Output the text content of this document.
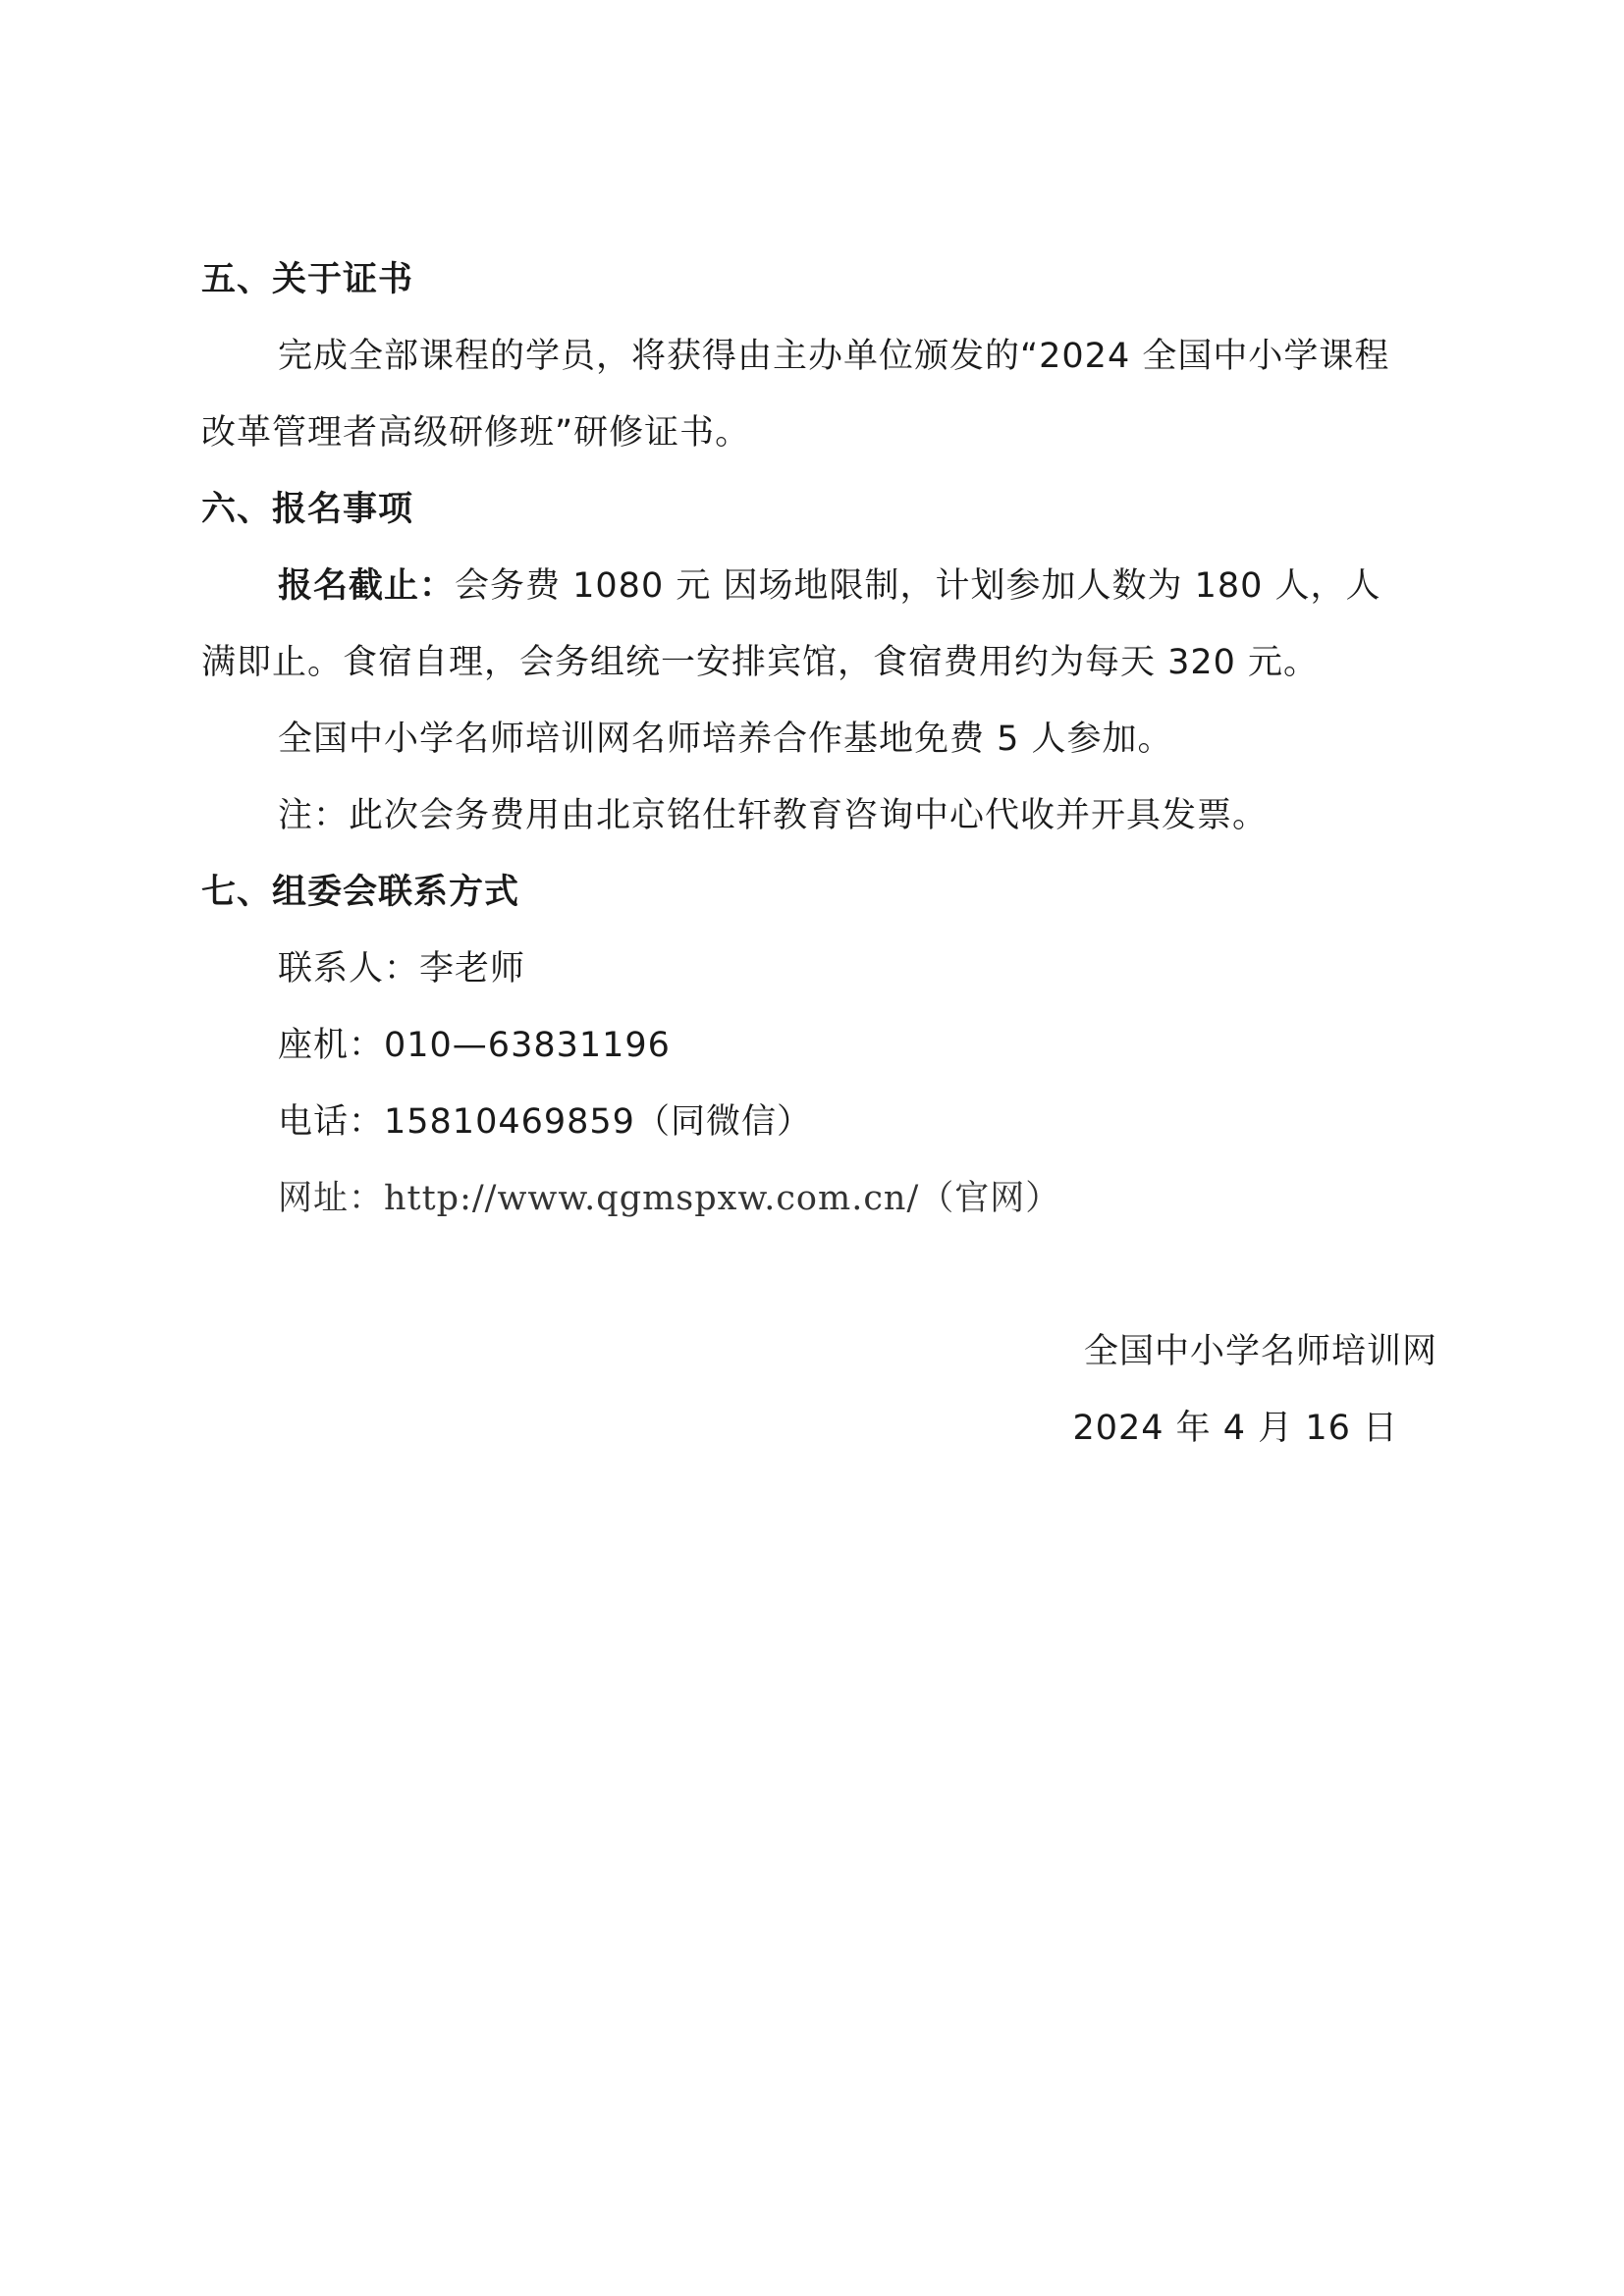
五、关于证书
完成全部课程的学员，将获得由主办单位颁发的“2024 全国中小学课程
改革管理者高级研修班”研修证书。
六、报名事项
报名截止：会务费 1080 元 因场地限制，计划参加人数为 180 人，人
满即止。食宿自理，会务组统一安排宾馆，食宿费用约为每天 320 元。
全国中小学名师培训网名师培养合作基地免费 5 人参加。
注：此次会务费用由北京铭仕轩教育咨询中心代收并开具发票。
七、组委会联系方式
联系人：李老师
座机：010—63831196
电话：15810469859（同微信）
网址：http://www.qgmspxw.com.cn/（官网）
全国中小学名师培训网
2024 年 4 月 16 日
